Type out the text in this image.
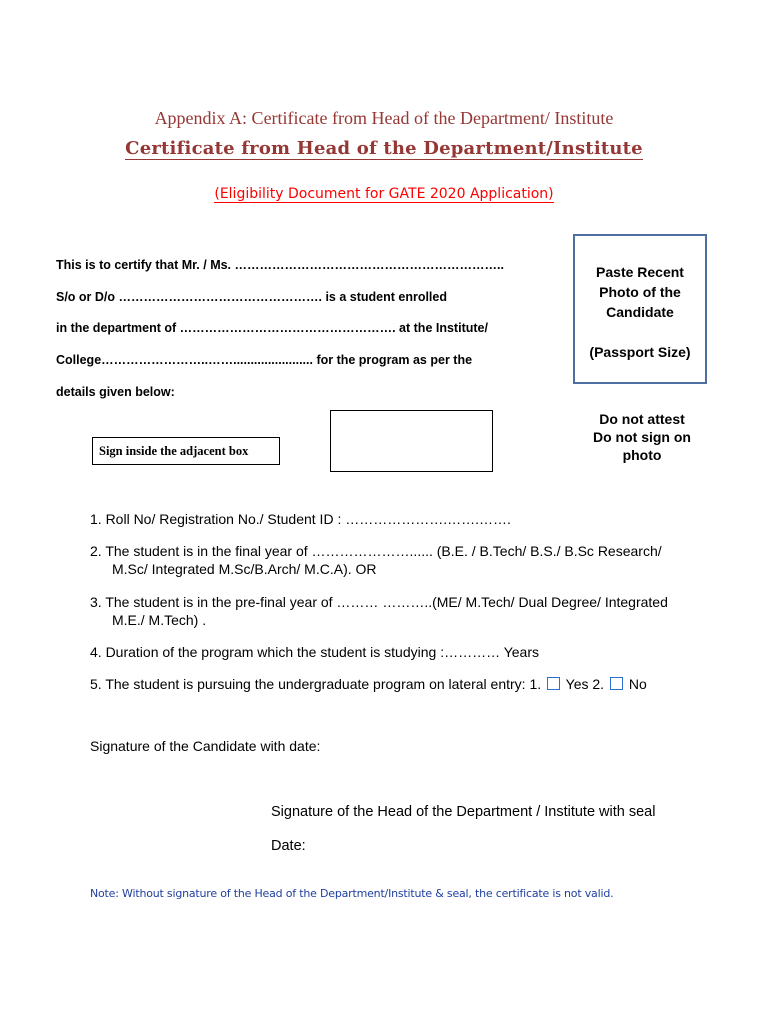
Appendix A: Certificate from Head of the Department/ Institute
Certificate from Head of the Department/Institute
(Eligibility Document for GATE 2020 Application)
This is to certify that Mr. / Ms. ………………………………………………………..
S/o or D/o …………………………………………. is a student enrolled
in the department of ……………………………………………. at the Institute/
College……………………..……....................... for the program as per the
details given below:
Paste Recent
Photo of the
Candidate
(Passport Size)
Do not attest
Do not sign on
photo
Sign inside the adjacent box
1. Roll No/ Registration No./ Student ID : ………………….…….…….
2. The student is in the final year of …………………...... (B.E. / B.Tech/ B.S./ B.Sc Research/
M.Sc/ Integrated M.Sc/B.Arch/ M.C.A). OR
3. The student is in the pre-final year of ……… ………..(ME/ M.Tech/ Dual Degree/ Integrated
M.E./ M.Tech) .
4. Duration of the program which the student is studying :………… Years
5. The student is pursuing the undergraduate program on lateral entry: 1. Yes 2. No
Signature of the Candidate with date:
Signature of the Head of the Department / Institute with seal
Date:
Note: Without signature of the Head of the Department/Institute & seal, the certificate is not valid.
